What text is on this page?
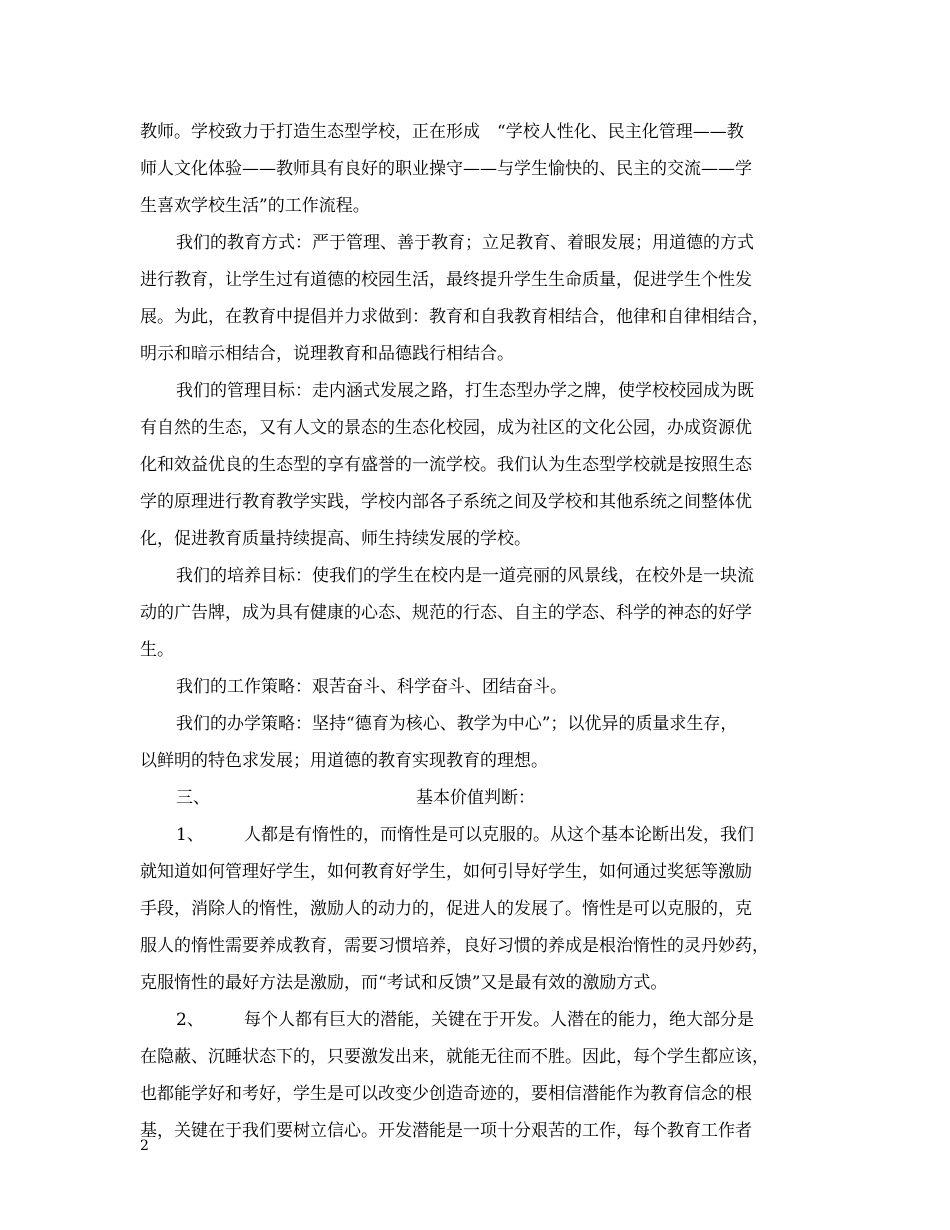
教师。学校致力于打造生态型学校，正在形成　“学校人性化、民主化管理——教
师人文化体验——教师具有良好的职业操守——与学生愉快的、民主的交流——学
生喜欢学校生活”的工作流程。
我们的教育方式：严于管理、善于教育；立足教育、着眼发展；用道德的方式
进行教育，让学生过有道德的校园生活，最终提升学生生命质量，促进学生个性发
展。为此，在教育中提倡并力求做到：教育和自我教育相结合，他律和自律相结合，
明示和暗示相结合，说理教育和品德践行相结合。
我们的管理目标：走内涵式发展之路，打生态型办学之牌，使学校校园成为既
有自然的生态，又有人文的景态的生态化校园，成为社区的文化公园，办成资源优
化和效益优良的生态型的享有盛誉的一流学校。我们认为生态型学校就是按照生态
学的原理进行教育教学实践，学校内部各子系统之间及学校和其他系统之间整体优
化，促进教育质量持续提高、师生持续发展的学校。
我们的培养目标：使我们的学生在校内是一道亮丽的风景线，在校外是一块流
动的广告牌，成为具有健康的心态、规范的行态、自主的学态、科学的神态的好学
生。
我们的工作策略：艰苦奋斗、科学奋斗、团结奋斗。
我们的办学策略：坚持“德育为核心、教学为中心”；以优异的质量求生存，
以鲜明的特色求发展；用道德的教育实现教育的理想。
三、	基本价值判断：
1、 人都是有惰性的，而惰性是可以克服的。从这个基本论断出发，我们
就知道如何管理好学生，如何教育好学生，如何引导好学生，如何通过奖惩等激励
手段，消除人的惰性，激励人的动力的，促进人的发展了。惰性是可以克服的，克
服人的惰性需要养成教育，需要习惯培养，良好习惯的养成是根治惰性的灵丹妙药，
克服惰性的最好方法是激励，而“考试和反馈”又是最有效的激励方式。
2、 每个人都有巨大的潜能，关键在于开发。人潜在的能力，绝大部分是
在隐蔽、沉睡状态下的，只要激发出来，就能无往而不胜。因此，每个学生都应该，
也都能学好和考好，学生是可以改变少创造奇迹的，要相信潜能作为教育信念的根
基，关键在于我们要树立信心。开发潜能是一项十分艰苦的工作，每个教育工作者
2
